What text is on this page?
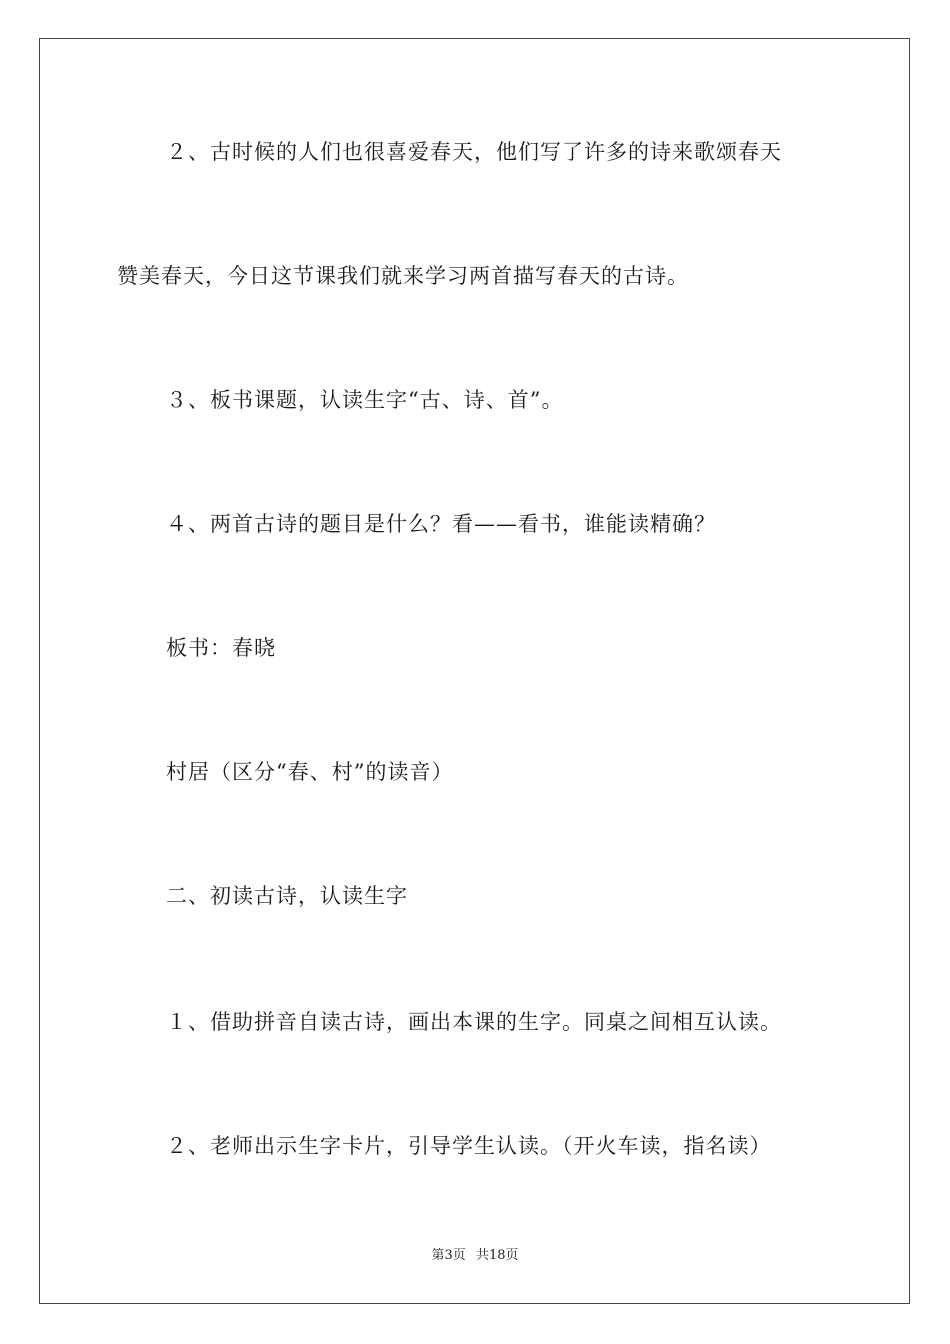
２、古时候的人们也很喜爱春天，他们写了许多的诗来歌颂春天
赞美春天，今日这节课我们就来学习两首描写春天的古诗。
３、板书课题，认读生字“古、诗、首”。
４、两首古诗的题目是什么？看——看书，谁能读精确？
板书：春晓
村居（区分“春、村”的读音）
二、初读古诗，认读生字
１、借助拼音自读古诗，画出本课的生字。同桌之间相互认读。
２、老师出示生字卡片，引导学生认读。（开火车读，指名读）
第3页 共18页
